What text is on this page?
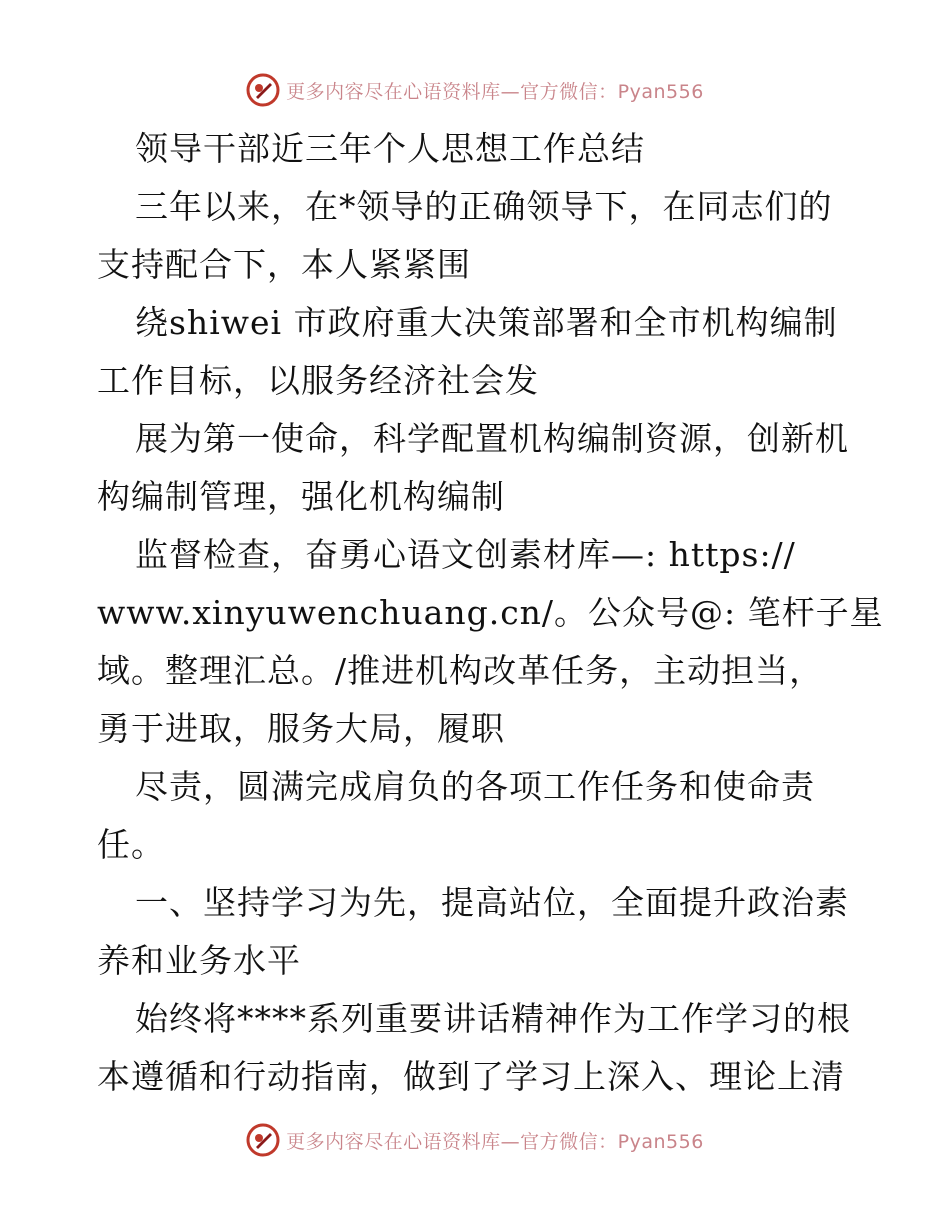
更多内容尽在心语资料库—官方微信：Pyan556
领导干部近三年个人思想工作总结
三年以来，在*领导的正确领导下，在同志们的
支持配合下，本人紧紧围
绕shiwei 市政府重大决策部署和全市机构编制
工作目标，以服务经济社会发
展为第一使命，科学配置机构编制资源，创新机
构编制管理，强化机构编制
监督检查，奋勇心语文创素材库—: https://
www.xinyuwenchuang.cn/。公众号@: 笔杆子星
域。整理汇总。/推进机构改革任务，主动担当，
勇于进取，服务大局，履职
尽责，圆满完成肩负的各项工作任务和使命责
任。
一、坚持学习为先，提高站位，全面提升政治素
养和业务水平
始终将****系列重要讲话精神作为工作学习的根
本遵循和行动指南，做到了学习上深入、理论上清
更多内容尽在心语资料库—官方微信：Pyan556
